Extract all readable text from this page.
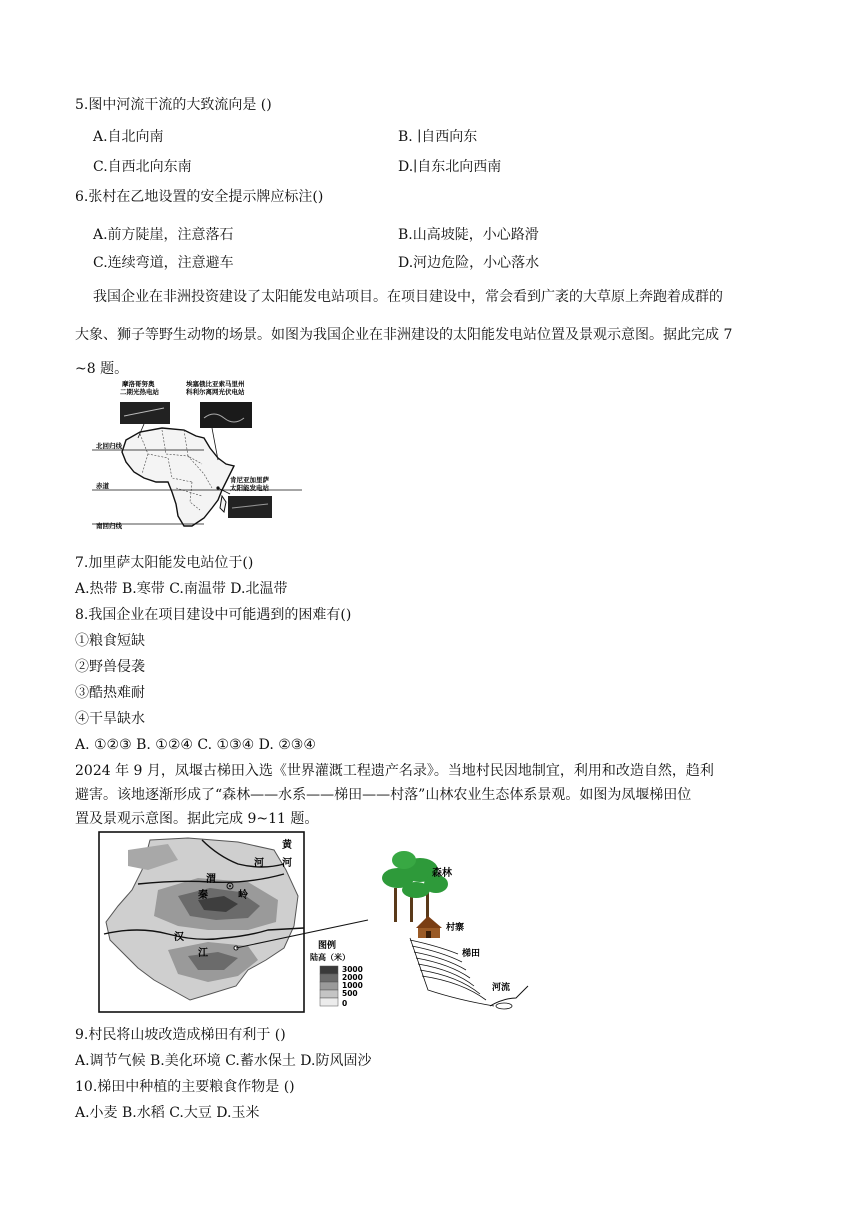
5.图中河流干流的大致流向是 ()
A.自北向南	B. ∣自西向东
C.自西北向东南	D.∣自东北向西南
6.张村在乙地设置的安全提示牌应标注()
A.前方陡崖，注意落石	B.山高坡陡，小心路滑
C.连续弯道，注意避车	D.河边危险，小心落水
我国企业在非洲投资建设了太阳能发电站项目。在项目建设中，常会看到广袤的大草原上奔跑着成群的
大象、狮子等野生动物的场景。如图为我国企业在非洲建设的太阳能发电站位置及景观示意图。据此完成 7
~8 题。
摩洛哥努奥
二期光热电站
埃塞俄比亚索马里州
科利尔离网光伏电站
肯尼亚加里萨
太阳能发电站
北回归线
赤道
南回归线
7.加里萨太阳能发电站位于()
A.热带 B.寒带 C.南温带 D.北温带
8.我国企业在项目建设中可能遇到的困难有()
①粮食短缺
②野兽侵袭
③酷热难耐
④干旱缺水
A. ①②③ B. ①②④ C. ①③④ D. ②③④
2024 年 9 月，凤堰古梯田入选《世界灌溉工程遗产名录》。当地村民因地制宜，利用和改造自然，趋利
避害。该地逐渐形成了“森林——水系——梯田——村落”山林农业生态体系景观。如图为凤堰梯田位
置及景观示意图。据此完成 9~11 题。
黄
河 河
渭
秦	岭
汉
江
图例
陆高（米）
3000
2000
1000
500
0
森林
村寨
梯田
河流
9.村民将山坡改造成梯田有利于 ()
A.调节气候 B.美化环境 C.蓄水保土 D.防风固沙
10.梯田中种植的主要粮食作物是 ()
A.小麦 B.水稻 C.大豆 D.玉米
